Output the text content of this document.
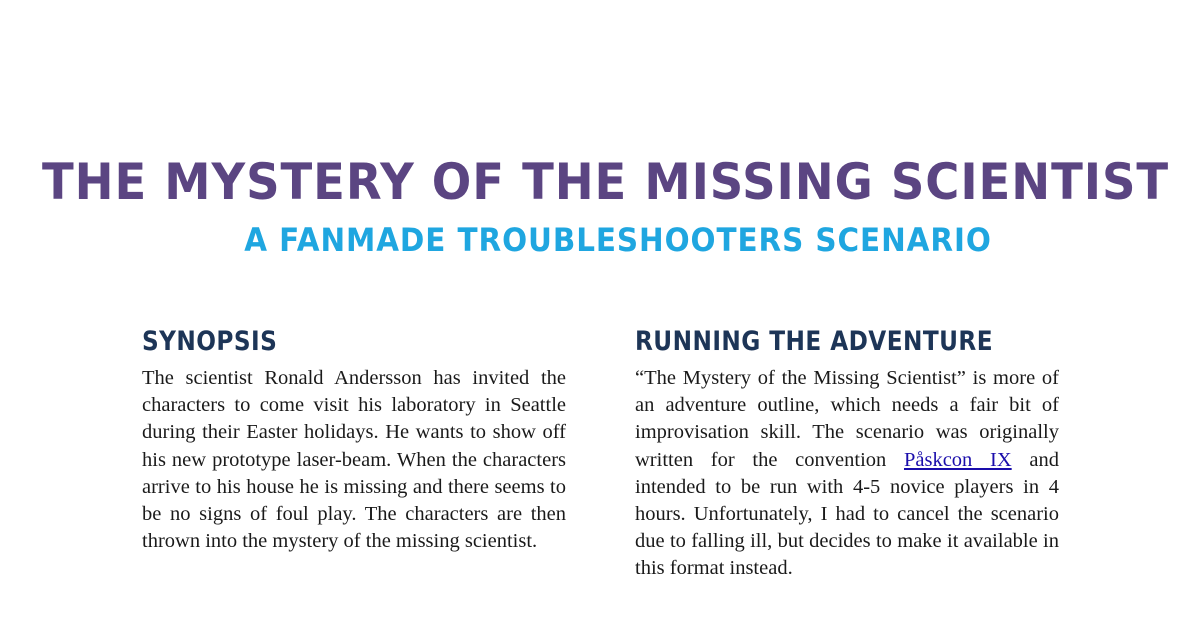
THE MYSTERY OF THE MISSING SCIENTIST
A FANMADE TROUBLESHOOTERS SCENARIO
SYNOPSIS

The scientist Ronald Andersson has invited the characters to come visit his laboratory in Seattle during their Easter holidays. He wants to show off his new prototype laser-beam. When the characters arrive to his house he is missing and there seems to be no signs of foul play. The characters are then thrown into the mystery of the missing scientist.

RUNNING THE ADVENTURE

“The Mystery of the Missing Scientist” is more of an adventure outline, which needs a fair bit of improvisation skill. The scenario was originally written for the convention Påskcon IX and intended to be run with 4-5 novice players in 4 hours. Unfortunately, I had to cancel the scenario due to falling ill, but decides to make it available in this format instead.
